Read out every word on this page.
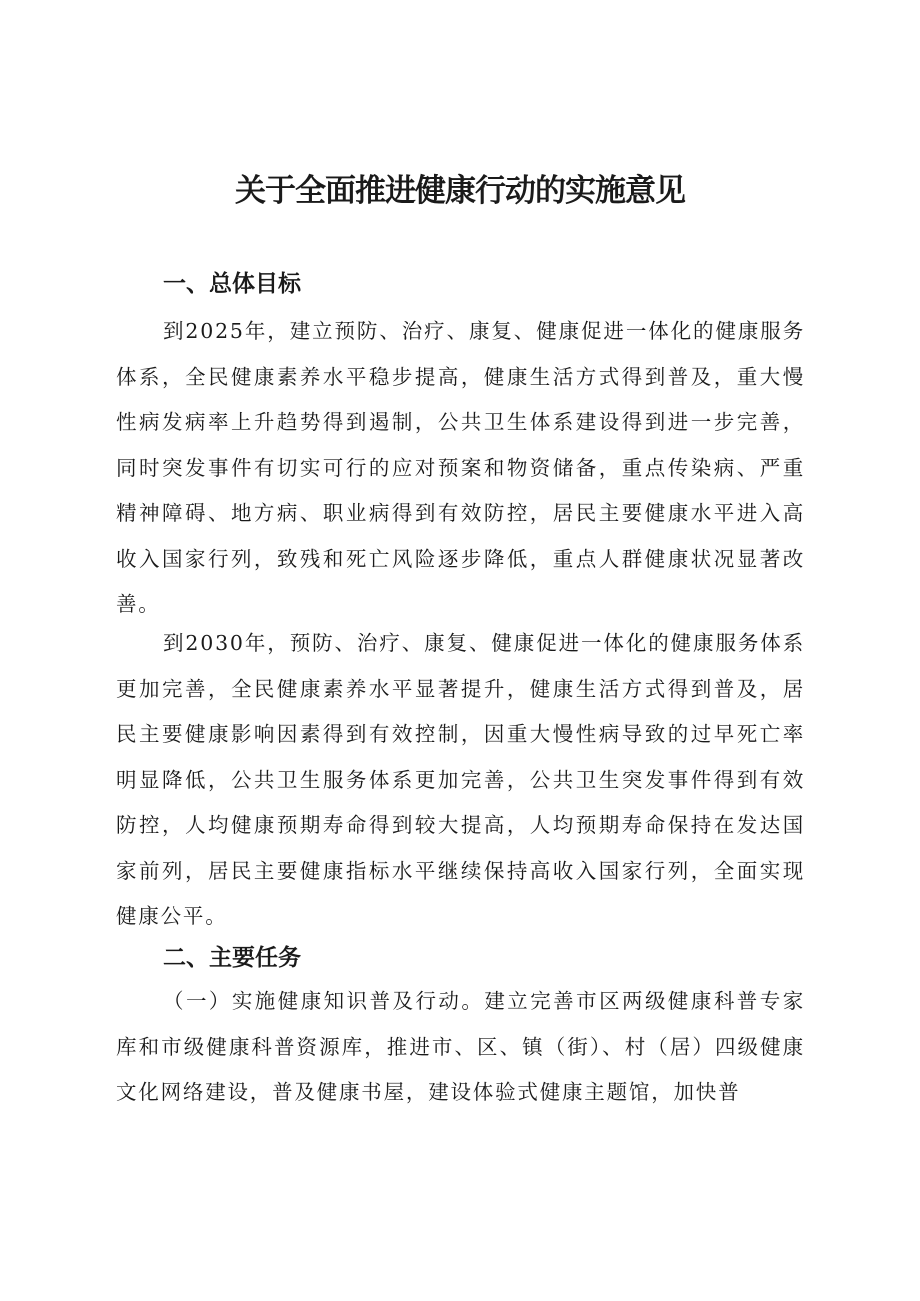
关于全面推进健康行动的实施意见
一、总体目标

到2025年，建立预防、治疗、康复、健康促进一体化的健康服务体系，全民健康素养水平稳步提高，健康生活方式得到普及，重大慢性病发病率上升趋势得到遏制，公共卫生体系建设得到进一步完善，同时突发事件有切实可行的应对预案和物资储备，重点传染病、严重精神障碍、地方病、职业病得到有效防控，居民主要健康水平进入高收入国家行列，致残和死亡风险逐步降低，重点人群健康状况显著改善。

到2030年，预防、治疗、康复、健康促进一体化的健康服务体系更加完善，全民健康素养水平显著提升，健康生活方式得到普及，居民主要健康影响因素得到有效控制，因重大慢性病导致的过早死亡率明显降低，公共卫生服务体系更加完善，公共卫生突发事件得到有效防控，人均健康预期寿命得到较大提高，人均预期寿命保持在发达国家前列，居民主要健康指标水平继续保持高收入国家行列，全面实现健康公平。

二、主要任务

（一）实施健康知识普及行动。建立完善市区两级健康科普专家库和市级健康科普资源库，推进市、区、镇（街）、村（居）四级健康文化网络建设，普及健康书屋，建设体验式健康主题馆，加快普
